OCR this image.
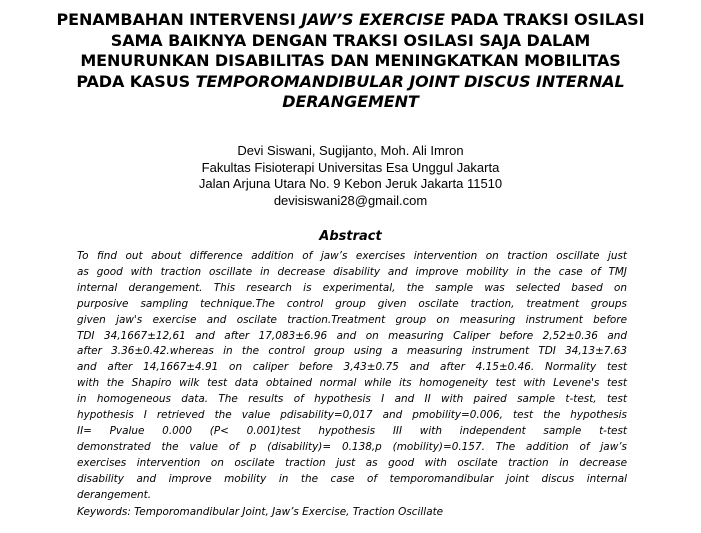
PENAMBAHAN INTERVENSI JAW’S EXERCISE PADA TRAKSI OSILASI
SAMA BAIKNYA DENGAN TRAKSI OSILASI SAJA DALAM
MENURUNKAN DISABILITAS DAN MENINGKATKAN MOBILITAS
PADA KASUS TEMPOROMANDIBULAR JOINT DISCUS INTERNAL
DERANGEMENT
Devi Siswani, Sugijanto, Moh. Ali Imron
Fakultas Fisioterapi Universitas Esa Unggul Jakarta
Jalan Arjuna Utara No. 9 Kebon Jeruk Jakarta 11510
devisiswani28@gmail.com
Abstract
To find out about difference addition of jaw’s exercises intervention on traction oscillate just
as good with traction oscillate in decrease disability and improve mobility in the case of TMJ
internal derangement. This research is experimental, the sample was selected based on
purposive sampling technique.The control group given oscilate traction, treatment groups
given jaw's exercise and oscilate traction.Treatment group on measuring instrument before
TDI 34,1667±12,61 and after 17,083±6.96 and on measuring Caliper before 2,52±0.36 and
after 3.36±0.42.whereas in the control group using a measuring instrument TDI 34,13±7.63
and after 14,1667±4.91 on caliper before 3,43±0.75 and after 4.15±0.46. Normality test
with the Shapiro wilk test data obtained normal while its homogeneity test with Levene's test
in homogeneous data. The results of hypothesis I and II with paired sample t-test, test
hypothesis I retrieved the value pdisability=0,017 and pmobility=0.006, test the hypothesis
II= Pvalue 0.000 (P< 0.001)test hypothesis III with independent sample t-test
demonstrated the value of p (disability)= 0.138,p (mobility)=0.157. The addition of jaw’s
exercises intervention on oscilate traction just as good with oscilate traction in decrease
disability and improve mobility in the case of temporomandibular joint discus internal
derangement.
Keywords: Temporomandibular Joint, Jaw’s Exercise, Traction Oscillate
